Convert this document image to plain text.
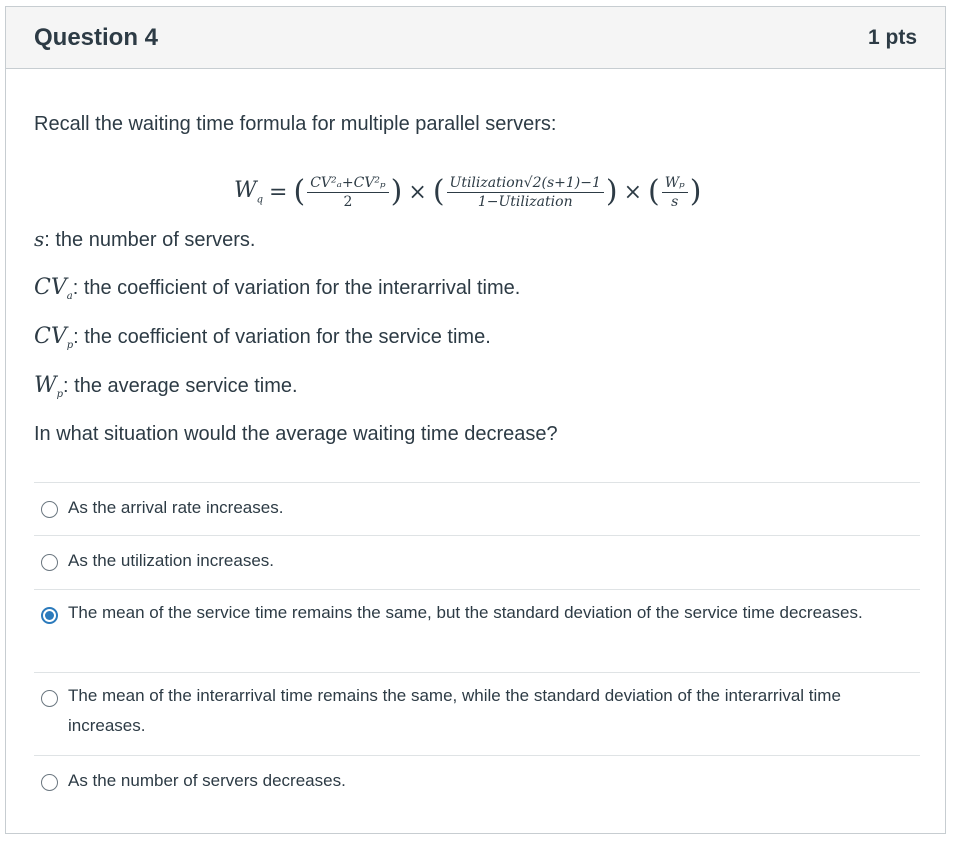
Question 4	1 pts
Recall the waiting time formula for multiple parallel servers:
$W_q$ = ( $\frac{\text{CV²ₐ+CV²ₚ}}{2}$ ) × ( $\frac{\text{Utilization√2(s+1)−1}}{\text{1−Utilization}}$ ) × ( $\frac{\text{Wₚ}}{s}$ )
s: the number of servers.
$CV_a$: the coefficient of variation for the interarrival time.
$CV_p$: the coefficient of variation for the service time.
$W_p$: the average service time.
In what situation would the average waiting time decrease?
As the arrival rate increases.
As the utilization increases.
The mean of the service time remains the same, but the standard deviation of the service time decreases.
The mean of the interarrival time remains the same, while the standard deviation of the interarrival time increases.
As the number of servers decreases.
